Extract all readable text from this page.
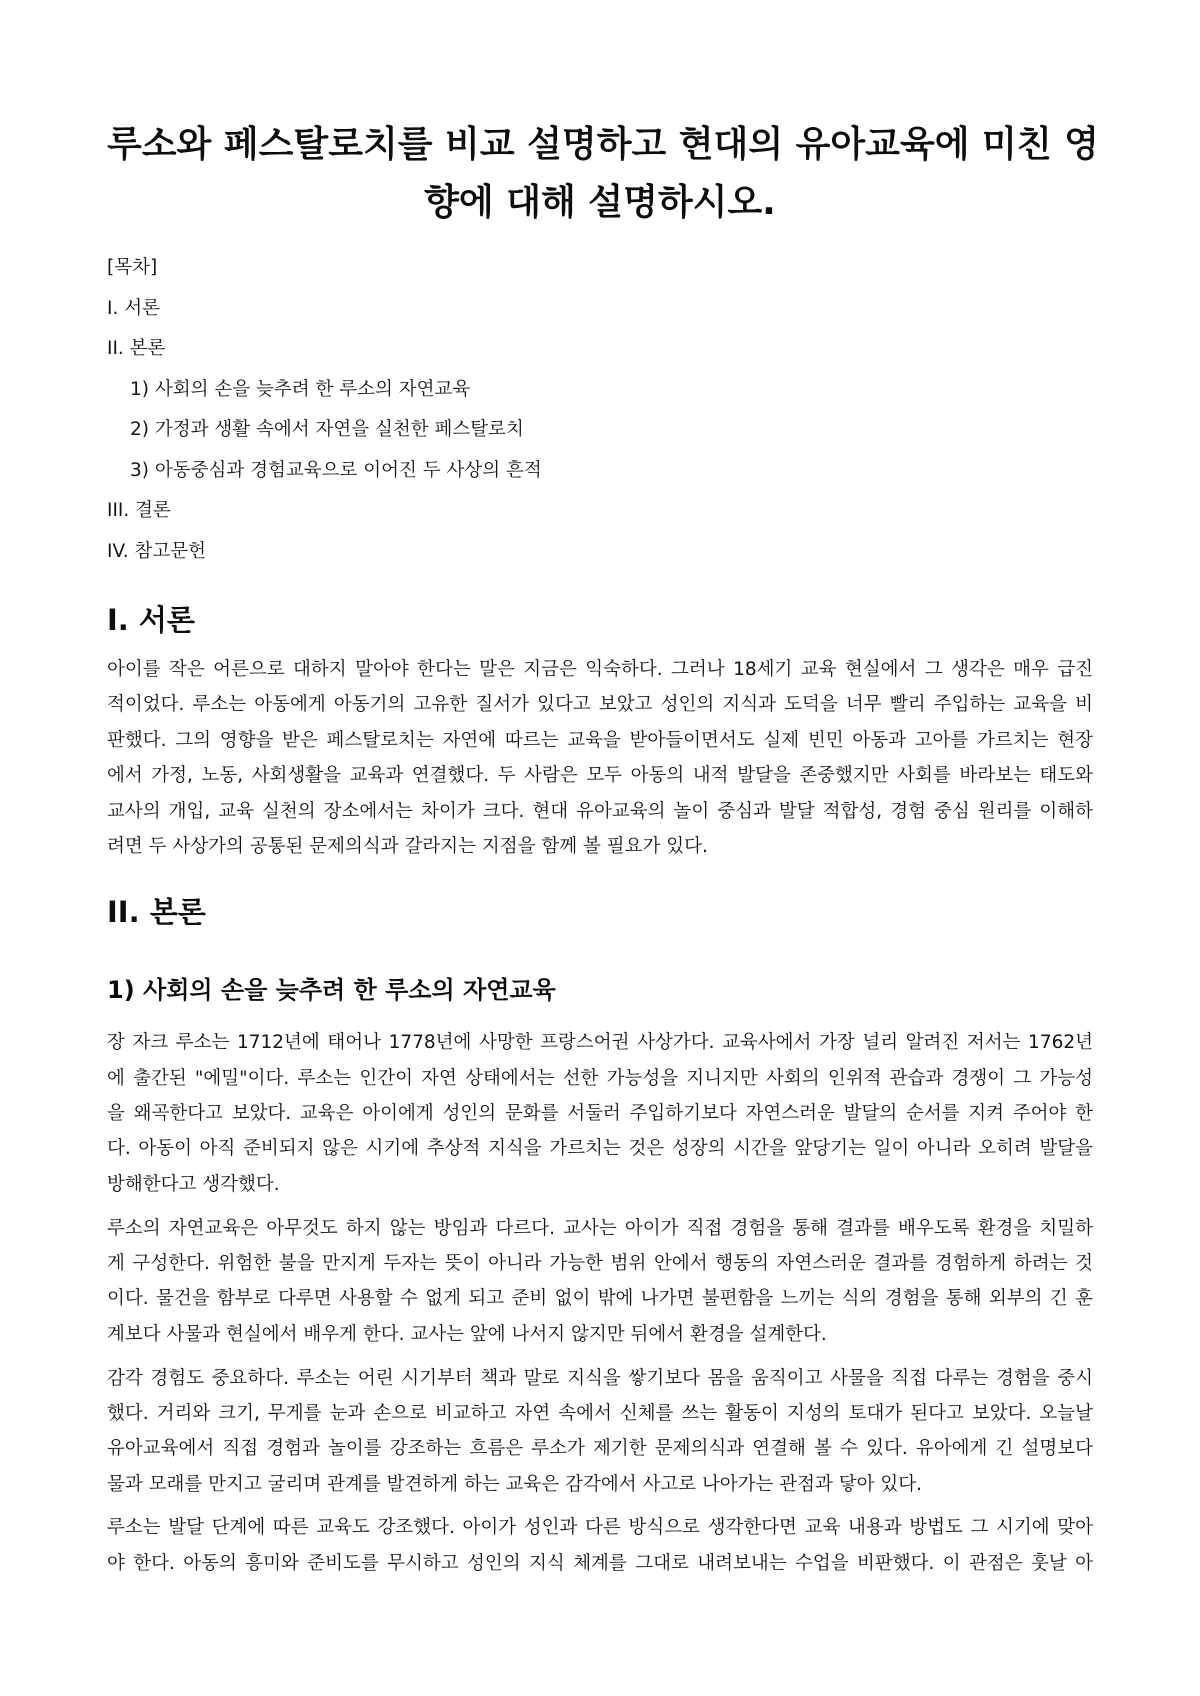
루소와 페스탈로치를 비교 설명하고 현대의 유아교육에 미친 영
향에 대해 설명하시오.
[목차]
I. 서론
II. 본론
1) 사회의 손을 늦추려 한 루소의 자연교육
2) 가정과 생활 속에서 자연을 실천한 페스탈로치
3) 아동중심과 경험교육으로 이어진 두 사상의 흔적
III. 결론
IV. 참고문헌
I. 서론
아이를 작은 어른으로 대하지 말아야 한다는 말은 지금은 익숙하다. 그러나 18세기 교육 현실에서 그 생각은 매우 급진
적이었다. 루소는 아동에게 아동기의 고유한 질서가 있다고 보았고 성인의 지식과 도덕을 너무 빨리 주입하는 교육을 비
판했다. 그의 영향을 받은 페스탈로치는 자연에 따르는 교육을 받아들이면서도 실제 빈민 아동과 고아를 가르치는 현장
에서 가정, 노동, 사회생활을 교육과 연결했다. 두 사람은 모두 아동의 내적 발달을 존중했지만 사회를 바라보는 태도와
교사의 개입, 교육 실천의 장소에서는 차이가 크다. 현대 유아교육의 놀이 중심과 발달 적합성, 경험 중심 원리를 이해하
려면 두 사상가의 공통된 문제의식과 갈라지는 지점을 함께 볼 필요가 있다.
II. 본론
1) 사회의 손을 늦추려 한 루소의 자연교육
장 자크 루소는 1712년에 태어나 1778년에 사망한 프랑스어권 사상가다. 교육사에서 가장 널리 알려진 저서는 1762년
에 출간된 "에밀"이다. 루소는 인간이 자연 상태에서는 선한 가능성을 지니지만 사회의 인위적 관습과 경쟁이 그 가능성
을 왜곡한다고 보았다. 교육은 아이에게 성인의 문화를 서둘러 주입하기보다 자연스러운 발달의 순서를 지켜 주어야 한
다. 아동이 아직 준비되지 않은 시기에 추상적 지식을 가르치는 것은 성장의 시간을 앞당기는 일이 아니라 오히려 발달을
방해한다고 생각했다.
루소의 자연교육은 아무것도 하지 않는 방임과 다르다. 교사는 아이가 직접 경험을 통해 결과를 배우도록 환경을 치밀하
게 구성한다. 위험한 불을 만지게 두자는 뜻이 아니라 가능한 범위 안에서 행동의 자연스러운 결과를 경험하게 하려는 것
이다. 물건을 함부로 다루면 사용할 수 없게 되고 준비 없이 밖에 나가면 불편함을 느끼는 식의 경험을 통해 외부의 긴 훈
계보다 사물과 현실에서 배우게 한다. 교사는 앞에 나서지 않지만 뒤에서 환경을 설계한다.
감각 경험도 중요하다. 루소는 어린 시기부터 책과 말로 지식을 쌓기보다 몸을 움직이고 사물을 직접 다루는 경험을 중시
했다. 거리와 크기, 무게를 눈과 손으로 비교하고 자연 속에서 신체를 쓰는 활동이 지성의 토대가 된다고 보았다. 오늘날
유아교육에서 직접 경험과 놀이를 강조하는 흐름은 루소가 제기한 문제의식과 연결해 볼 수 있다. 유아에게 긴 설명보다
물과 모래를 만지고 굴리며 관계를 발견하게 하는 교육은 감각에서 사고로 나아가는 관점과 닿아 있다.
루소는 발달 단계에 따른 교육도 강조했다. 아이가 성인과 다른 방식으로 생각한다면 교육 내용과 방법도 그 시기에 맞아
야 한다. 아동의 흥미와 준비도를 무시하고 성인의 지식 체계를 그대로 내려보내는 수업을 비판했다. 이 관점은 훗날 아
